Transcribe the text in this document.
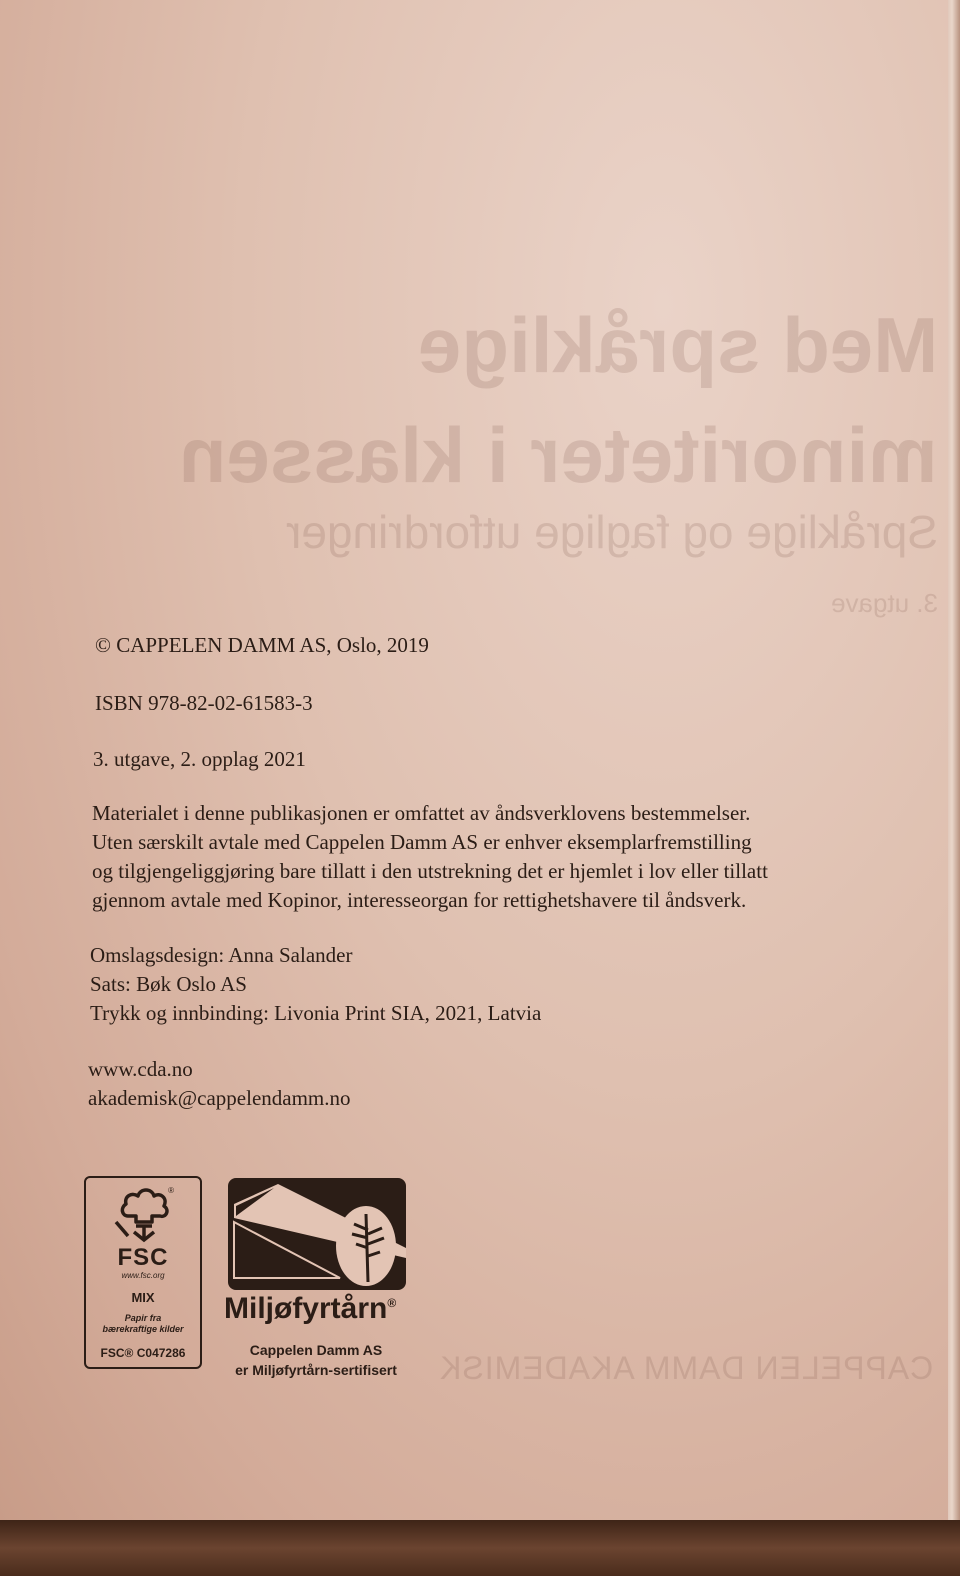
Med språklige
minoriteter i klassen
Språklige og faglige utfordringer
3. utgave
CAPPELEN DAMM AKADEMISK
© CAPPELEN DAMM AS, Oslo, 2019
ISBN 978-82-02-61583-3
3. utgave, 2. opplag 2021
Materialet i denne publikasjonen er omfattet av åndsverklovens bestemmelser.
Uten særskilt avtale med Cappelen Damm AS er enhver eksemplarfremstilling
og tilgjengeliggjøring bare tillatt i den utstrekning det er hjemlet i lov eller tillatt
gjennom avtale med Kopinor, interesseorgan for rettighetshavere til åndsverk.
Omslagsdesign: Anna Salander
Sats: Bøk Oslo AS
Trykk og innbinding: Livonia Print SIA, 2021, Latvia
www.cda.no
akademisk@cappelendamm.no
®
FSC
www.fsc.org
MIX
Papir fra
bærekraftige kilder
FSC® C047286
Miljøfyrtårn®
Cappelen Damm AS
er Miljøfyrtårn-sertifisert
